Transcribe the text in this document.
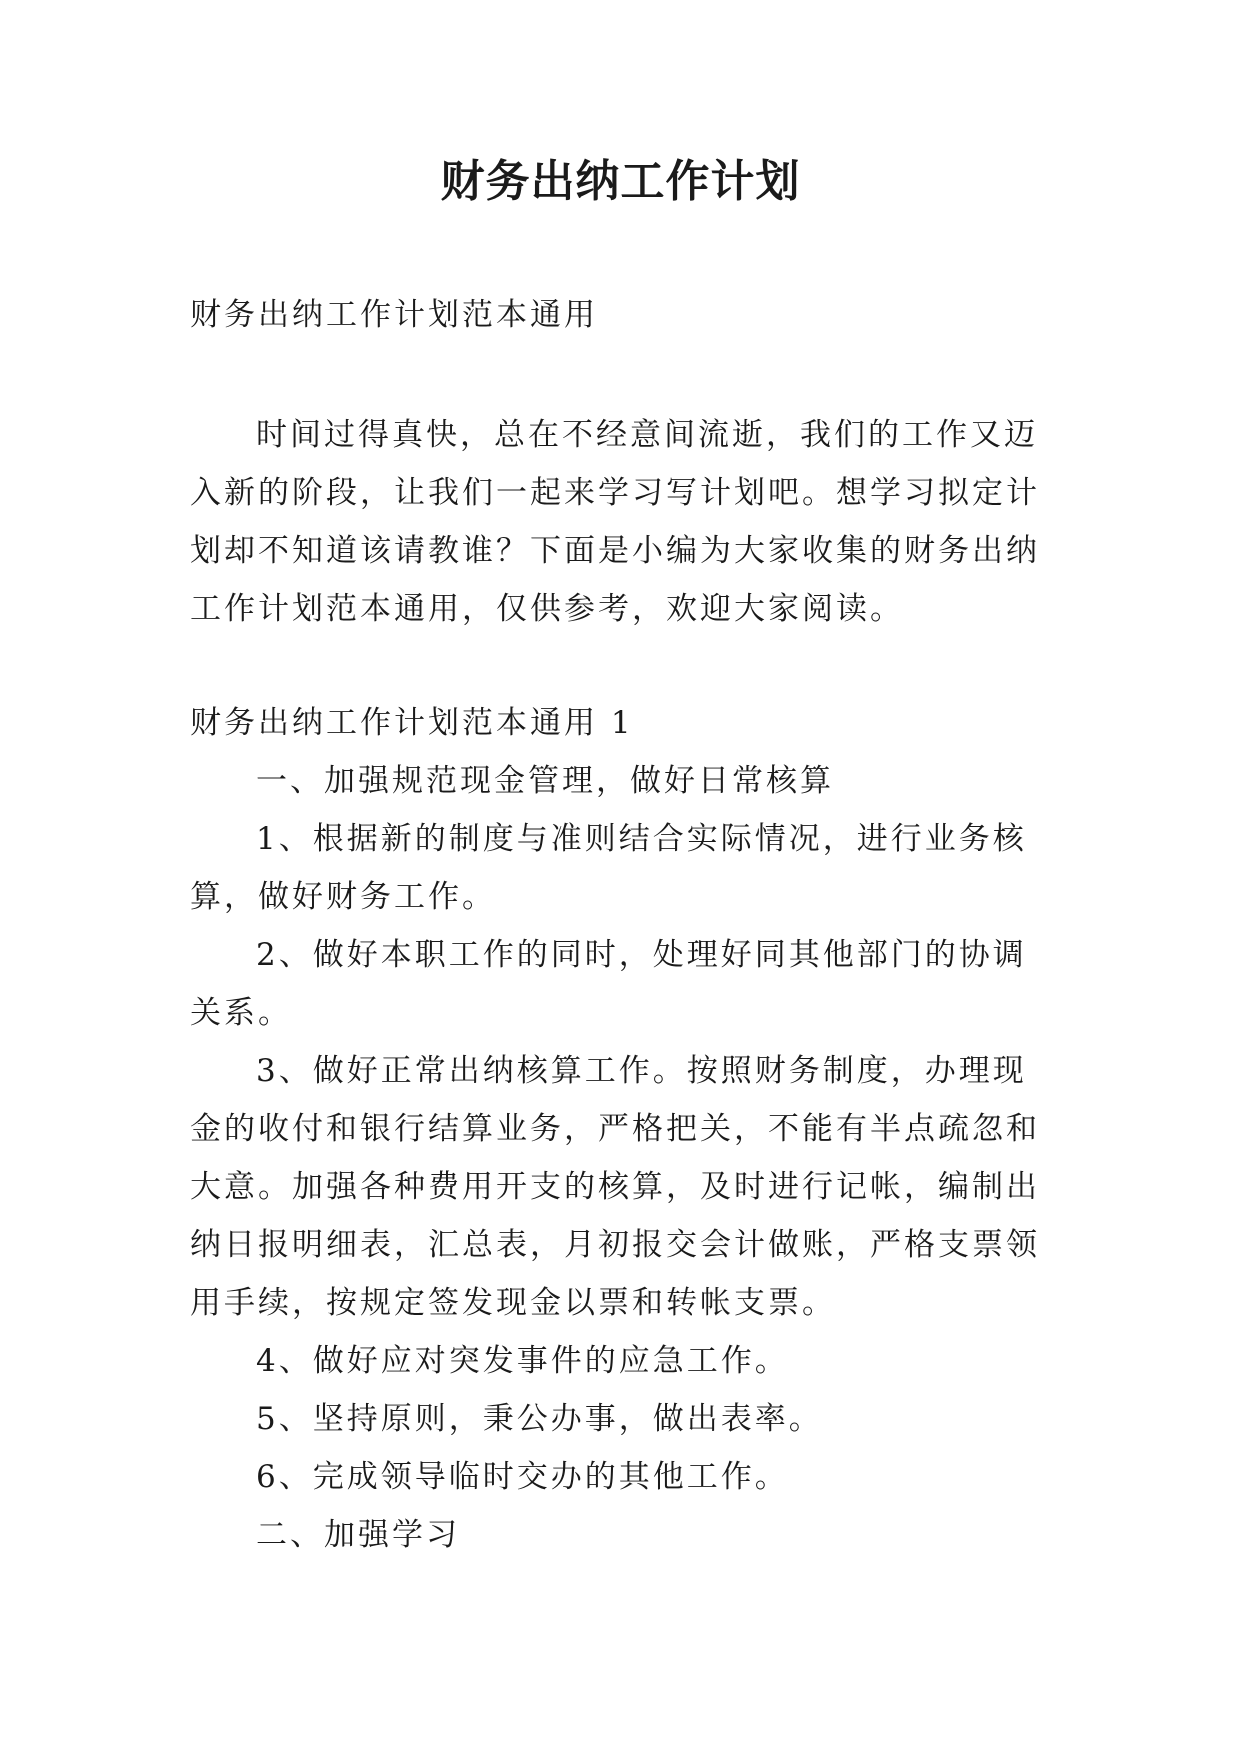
财务出纳工作计划

财务出纳工作计划范本通用

时间过得真快，总在不经意间流逝，我们的工作又迈入新的阶段，让我们一起来学习写计划吧。想学习拟定计划却不知道该请教谁？下面是小编为大家收集的财务出纳工作计划范本通用，仅供参考，欢迎大家阅读。

财务出纳工作计划范本通用 1

一、加强规范现金管理，做好日常核算

1、根据新的制度与准则结合实际情况，进行业务核算，做好财务工作。

2、做好本职工作的同时，处理好同其他部门的协调关系。

3、做好正常出纳核算工作。按照财务制度，办理现金的收付和银行结算业务，严格把关，不能有半点疏忽和大意。加强各种费用开支的核算，及时进行记帐，编制出纳日报明细表，汇总表，月初报交会计做账，严格支票领用手续，按规定签发现金以票和转帐支票。

4、做好应对突发事件的应急工作。

5、坚持原则，秉公办事，做出表率。

6、完成领导临时交办的其他工作。

二、加强学习
